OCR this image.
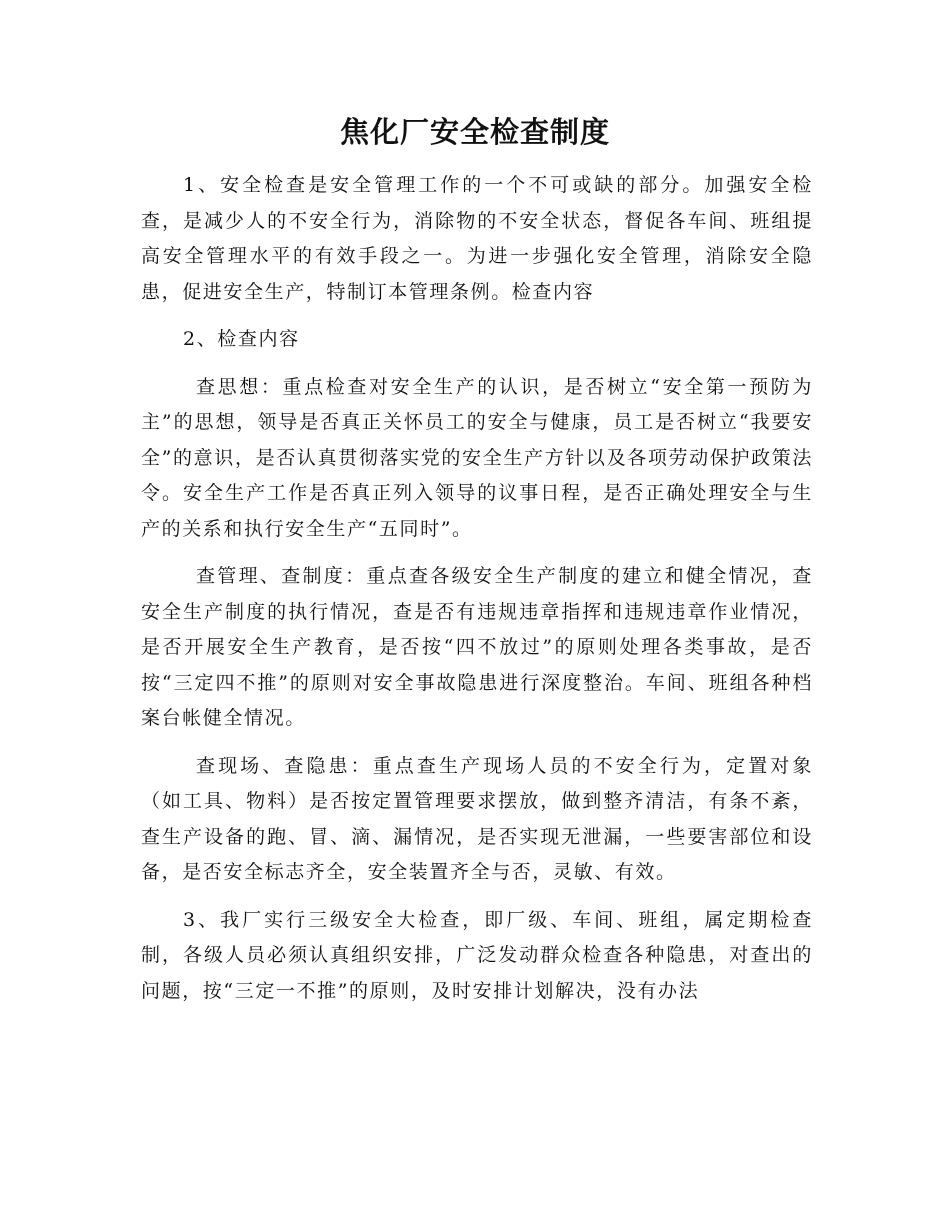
焦化厂安全检查制度

1、安全检查是安全管理工作的一个不可或缺的部分。加强安全检查，是减少人的不安全行为，消除物的不安全状态，督促各车间、班组提高安全管理水平的有效手段之一。为进一步强化安全管理，消除安全隐患，促进安全生产，特制订本管理条例。检查内容

2、检查内容

查思想：重点检查对安全生产的认识，是否树立“安全第一预防为主”的思想，领导是否真正关怀员工的安全与健康，员工是否树立“我要安全”的意识，是否认真贯彻落实党的安全生产方针以及各项劳动保护政策法令。安全生产工作是否真正列入领导的议事日程，是否正确处理安全与生产的关系和执行安全生产“五同时”。

查管理、查制度：重点查各级安全生产制度的建立和健全情况，查安全生产制度的执行情况，查是否有违规违章指挥和违规违章作业情况，是否开展安全生产教育，是否按“四不放过”的原则处理各类事故，是否按“三定四不推”的原则对安全事故隐患进行深度整治。车间、班组各种档案台帐健全情况。

查现场、查隐患：重点查生产现场人员的不安全行为，定置对象（如工具、物料）是否按定置管理要求摆放，做到整齐清洁，有条不紊，查生产设备的跑、冒、滴、漏情况，是否实现无泄漏，一些要害部位和设备，是否安全标志齐全，安全装置齐全与否，灵敏、有效。

3、我厂实行三级安全大检查，即厂级、车间、班组，属定期检查制，各级人员必须认真组织安排，广泛发动群众检查各种隐患，对查出的问题，按“三定一不推”的原则，及时安排计划解决，没有办法
